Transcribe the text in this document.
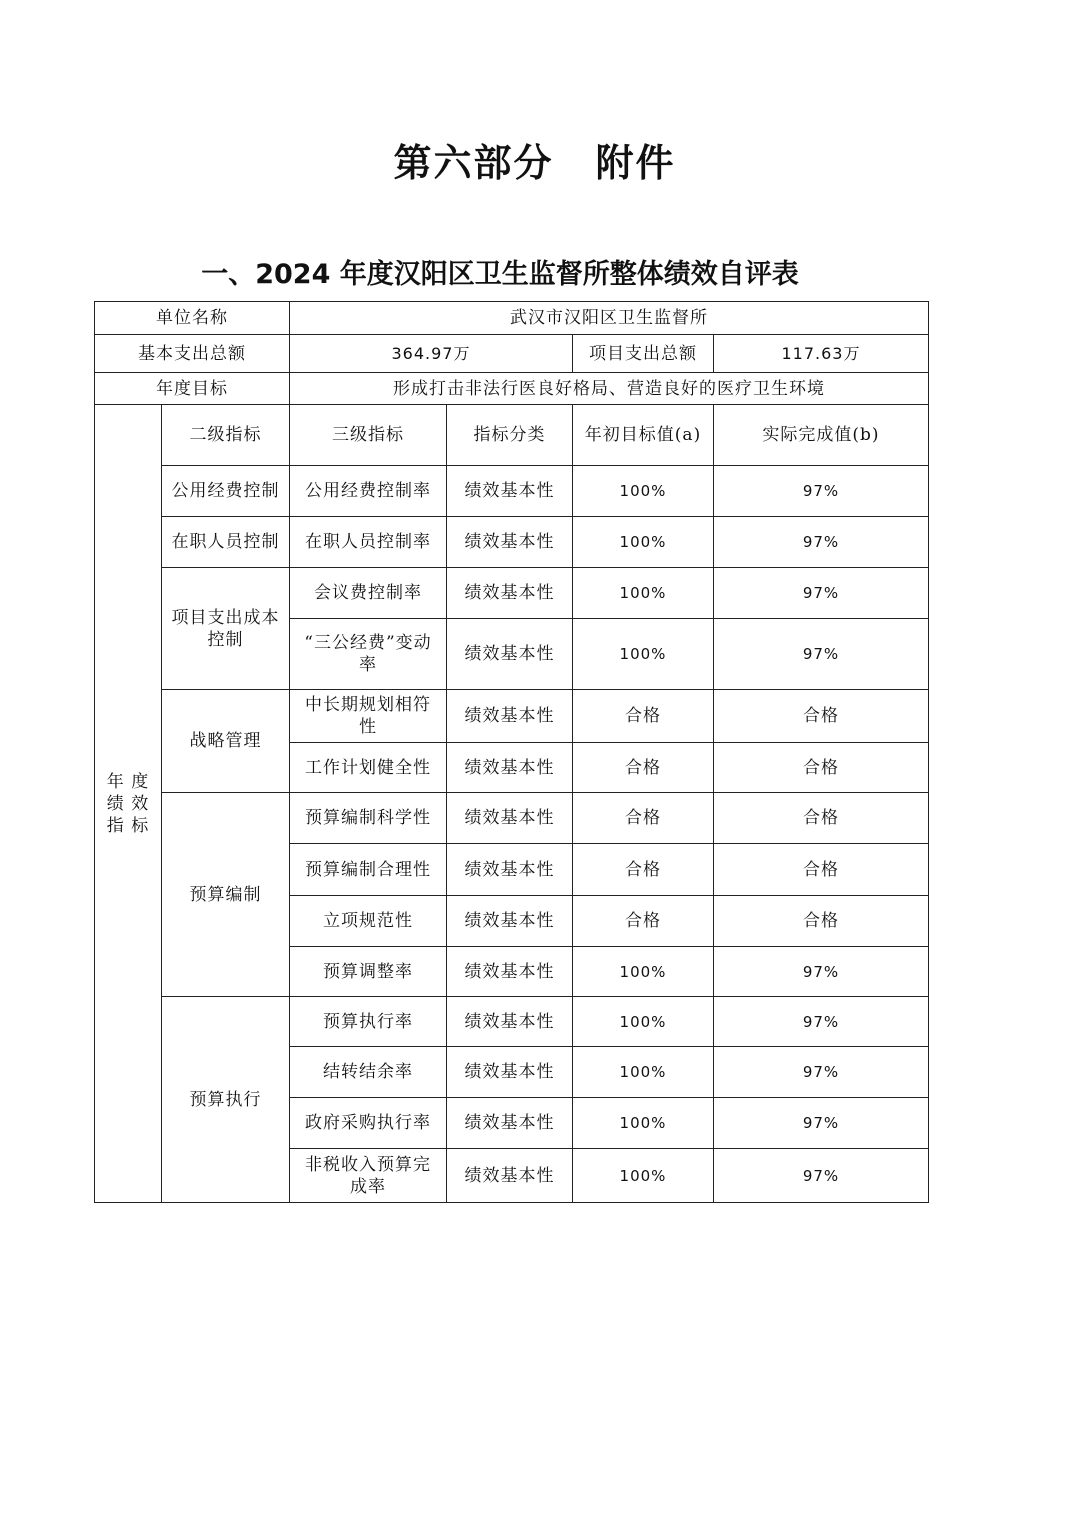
第六部分 附件
一、2024 年度汉阳区卫生监督所整体绩效自评表
单位名称		武汉市汉阳区卫生监督所			
基本支出总额		364.97万		项目支出总额	117.63万
年度目标		形成打击非法行医良好格局、营造良好的医疗卫生环境			

年 度
绩 效
指 标	二级指标	三级指标	指标分类	年初目标值(a)	实际完成值(b)
	公用经费控制	公用经费控制率	绩效基本性	100%	97%
	在职人员控制	在职人员控制率	绩效基本性	100%	97%
	项目支出成本控制	会议费控制率	绩效基本性	100%	97%
		“三公经费”变动率	绩效基本性	100%	97%
	战略管理	中长期规划相符性	绩效基本性	合格	合格
		工作计划健全性	绩效基本性	合格	合格
	预算编制	预算编制科学性	绩效基本性	合格	合格
		预算编制合理性	绩效基本性	合格	合格
		立项规范性	绩效基本性	合格	合格
		预算调整率	绩效基本性	100%	97%
	预算执行	预算执行率	绩效基本性	100%	97%
		结转结余率	绩效基本性	100%	97%
		政府采购执行率	绩效基本性	100%	97%
		非税收入预算完成率	绩效基本性	100%	97%
